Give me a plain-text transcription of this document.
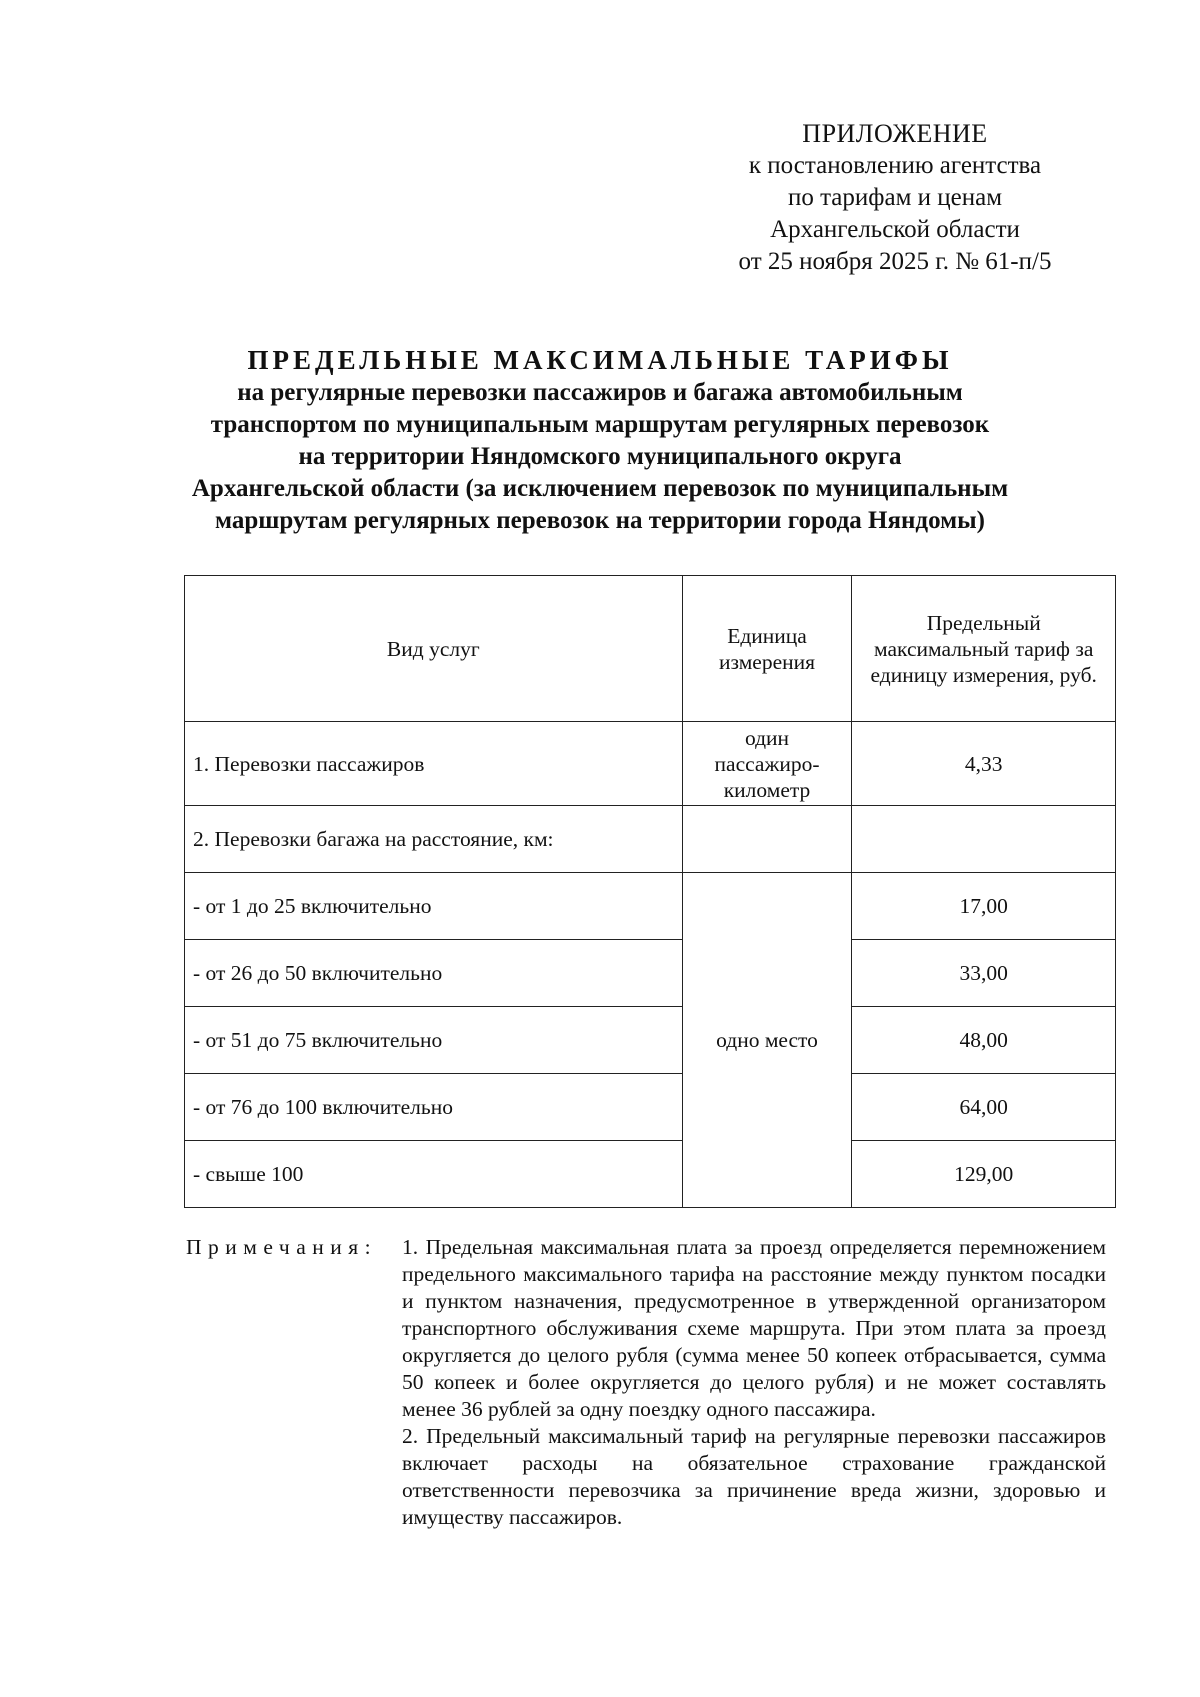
ПРИЛОЖЕНИЕ
к постановлению агентства
по тарифам и ценам
Архангельской области
от 25 ноября 2025 г. № 61-п/5
ПРЕДЕЛЬНЫЕ МАКСИМАЛЬНЫЕ ТАРИФЫ
на регулярные перевозки пассажиров и багажа автомобильным
транспортом по муниципальным маршрутам регулярных перевозок
на территории Няндомского муниципального округа
Архангельской области (за исключением перевозок по муниципальным
маршрутам регулярных перевозок на территории города Няндомы)
Вид услуг	Единица измерения	Предельный максимальный тариф за единицу измерения, руб.
1. Перевозки пассажиров	один пассажиро-километр	4,33
2. Перевозки багажа на расстояние, км:		
- от 1 до 25 включительно	одно место	17,00
- от 26 до 50 включительно		33,00
- от 51 до 75 включительно		48,00
- от 76 до 100 включительно		64,00
- свыше 100		129,00
Примечания: 1. Предельная максимальная плата за проезд определяется перемножением предельного максимального тарифа на расстояние между пунктом посадки и пунктом назначения, предусмотренное в утвержденной организатором транспортного обслуживания схеме маршрута. При этом плата за проезд округляется до целого рубля (сумма менее 50 копеек отбрасывается, сумма 50 копеек и более округляется до целого рубля) и не может составлять менее 36 рублей за одну поездку одного пассажира.

2. Предельный максимальный тариф на регулярные перевозки пассажиров включает расходы на обязательное страхование гражданской ответственности перевозчика за причинение вреда жизни, здоровью и имуществу пассажиров.
